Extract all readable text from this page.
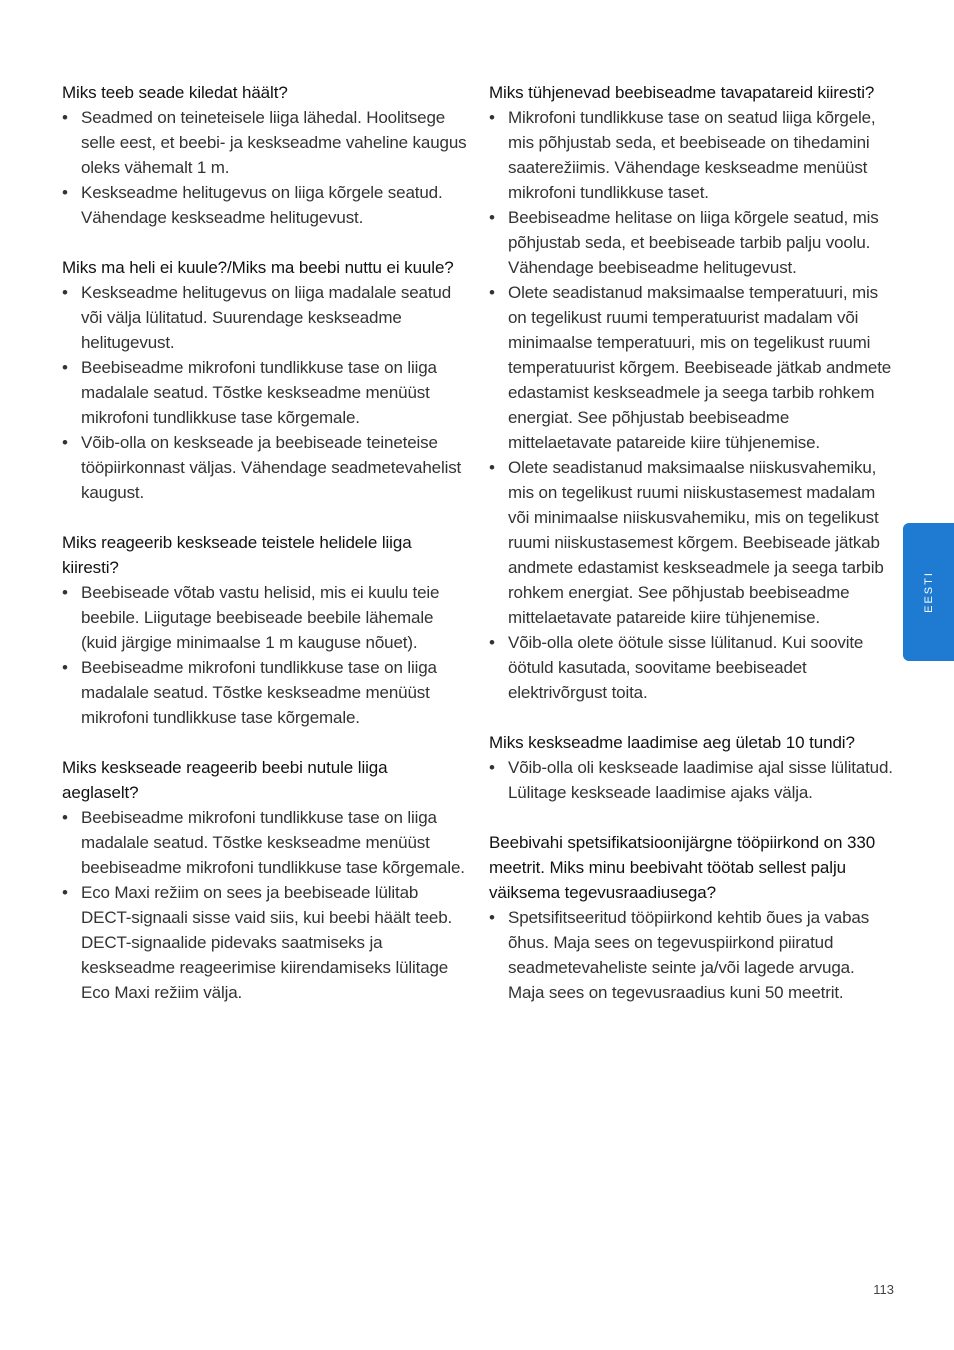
Miks teeb seade kiledat häält?

• Seadmed on teineteisele liiga lähedal. Hoolitsege selle eest, et beebi- ja keskseadme vaheline kaugus oleks vähemalt 1 m.
• Keskseadme helitugevus on liiga kõrgele seatud. Vähendage keskseadme helitugevust.

Miks ma heli ei kuule?/Miks ma beebi nuttu ei kuule?

• Keskseadme helitugevus on liiga madalale seatud või välja lülitatud. Suurendage keskseadme helitugevust.
• Beebiseadme mikrofoni tundlikkuse tase on liiga madalale seatud. Tõstke keskseadme menüüst mikrofoni tundlikkuse tase kõrgemale.
• Võib-olla on keskseade ja beebiseade teineteise tööpiirkonnast väljas. Vähendage seadmetevahelist kaugust.

Miks reageerib keskseade teistele helidele liiga kiiresti?

• Beebiseade võtab vastu helisid, mis ei kuulu teie beebile. Liigutage beebiseade beebile lähemale (kuid järgige minimaalse 1 m kauguse nõuet).
• Beebiseadme mikrofoni tundlikkuse tase on liiga madalale seatud. Tõstke keskseadme menüüst mikrofoni tundlikkuse tase kõrgemale.

Miks keskseade reageerib beebi nutule liiga aeglaselt?

• Beebiseadme mikrofoni tundlikkuse tase on liiga madalale seatud. Tõstke keskseadme menüüst beebiseadme mikrofoni tundlikkuse tase kõrgemale.
• Eco Maxi režiim on sees ja beebiseade lülitab DECT-signaali sisse vaid siis, kui beebi häält teeb. DECT-signaalide pidevaks saatmiseks ja keskseadme reageerimise kiirendamiseks lülitage Eco Maxi režiim välja.

Miks tühjenevad beebiseadme tavapatareid kiiresti?

• Mikrofoni tundlikkuse tase on seatud liiga kõrgele, mis põhjustab seda, et beebiseade on tihedamini saaterežiimis. Vähendage keskseadme menüüst mikrofoni tundlikkuse taset.
• Beebiseadme helitase on liiga kõrgele seatud, mis põhjustab seda, et beebiseade tarbib palju voolu. Vähendage beebiseadme helitugevust.
• Olete seadistanud maksimaalse temperatuuri, mis on tegelikust ruumi temperatuurist madalam või minimaalse temperatuuri, mis on tegelikust ruumi temperatuurist kõrgem. Beebiseade jätkab andmete edastamist keskseadmele ja seega tarbib rohkem energiat. See põhjustab beebiseadme mittelaetavate patareide kiire tühjenemise.
• Olete seadistanud maksimaalse niiskusvahemiku, mis on tegelikust ruumi niiskustasemest madalam või minimaalse niiskusvahemiku, mis on tegelikust ruumi niiskustasemest kõrgem. Beebiseade jätkab andmete edastamist keskseadmele ja seega tarbib rohkem energiat. See põhjustab beebiseadme mittelaetavate patareide kiire tühjenemise.
• Võib-olla olete öötule sisse lülitanud. Kui soovite öötuld kasutada, soovitame beebiseadet elektrivõrgust toita.

Miks keskseadme laadimise aeg ületab 10 tundi?

• Võib-olla oli keskseade laadimise ajal sisse lülitatud. Lülitage keskseade laadimise ajaks välja.

Beebivahi spetsifikatsioonijärgne tööpiirkond on 330 meetrit. Miks minu beebivaht töötab sellest palju väiksema tegevusraadiusega?

• Spetsifitseeritud tööpiirkond kehtib õues ja vabas õhus. Maja sees on tegevuspiirkond piiratud seadmetevaheliste seinte ja/või lagede arvuga. Maja sees on tegevusraadius kuni 50 meetrit.
EESTI
113
